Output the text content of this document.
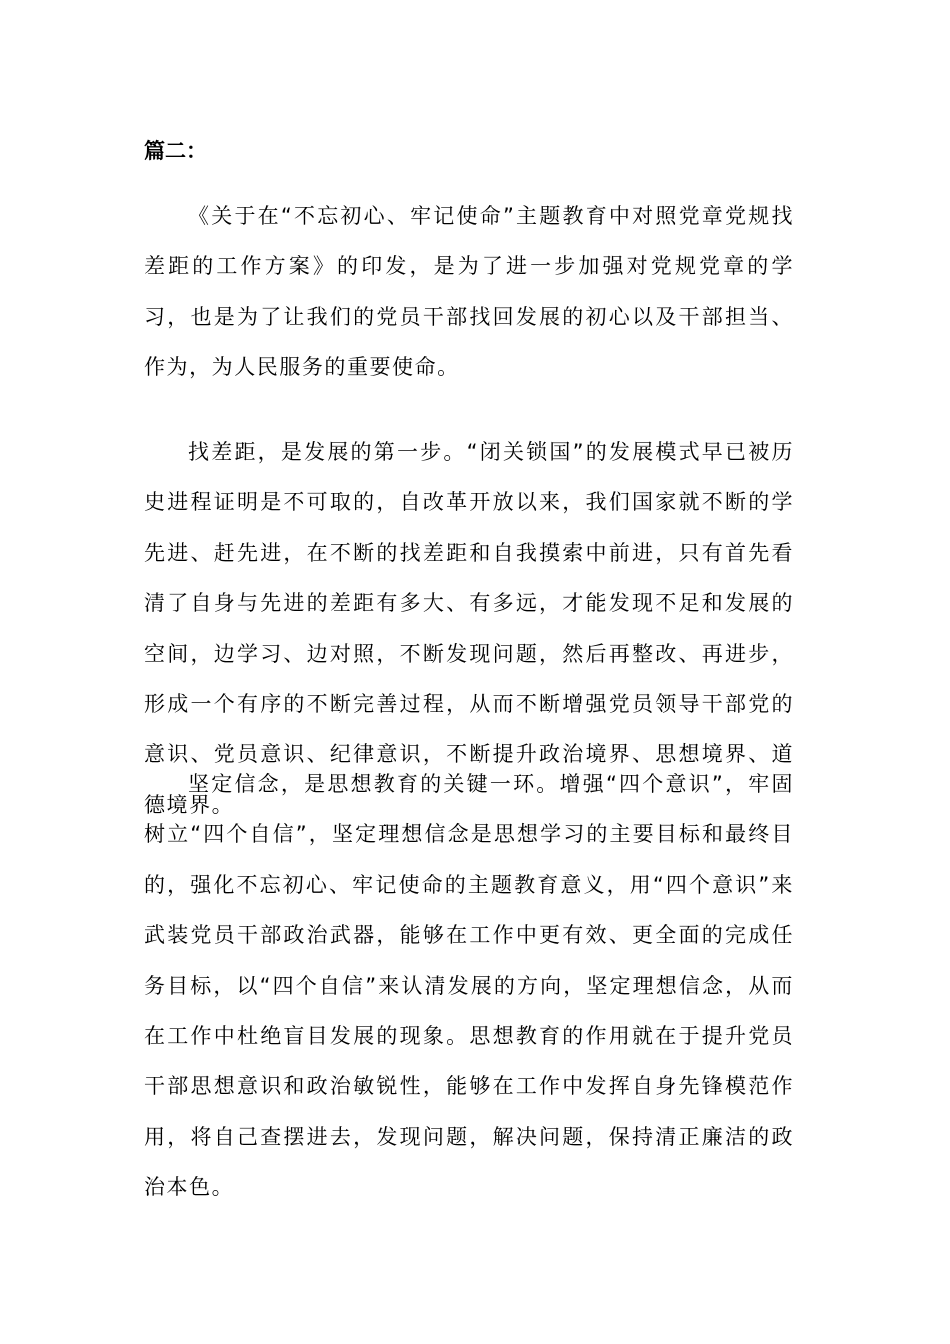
篇二：

《关于在“不忘初心、牢记使命”主题教育中对照党章党规找差距的工作方案》的印发，是为了进一步加强对党规党章的学习，也是为了让我们的党员干部找回发展的初心以及干部担当、作为，为人民服务的重要使命。

找差距，是发展的第一步。“闭关锁国”的发展模式早已被历史进程证明是不可取的，自改革开放以来，我们国家就不断的学先进、赶先进，在不断的找差距和自我摸索中前进，只有首先看清了自身与先进的差距有多大、有多远，才能发现不足和发展的空间，边学习、边对照，不断发现问题，然后再整改、再进步，形成一个有序的不断完善过程，从而不断增强党员领导干部党的意识、党员意识、纪律意识，不断提升政治境界、思想境界、道德境界。

坚定信念，是思想教育的关键一环。增强“四个意识”，牢固树立“四个自信”，坚定理想信念是思想学习的主要目标和最终目的，强化不忘初心、牢记使命的主题教育意义，用“四个意识”来武装党员干部政治武器，能够在工作中更有效、更全面的完成任务目标，以“四个自信”来认清发展的方向，坚定理想信念，从而在工作中杜绝盲目发展的现象。思想教育的作用就在于提升党员干部思想意识和政治敏锐性，能够在工作中发挥自身先锋模范作用，将自己查摆进去，发现问题，解决问题，保持清正廉洁的政治本色。
